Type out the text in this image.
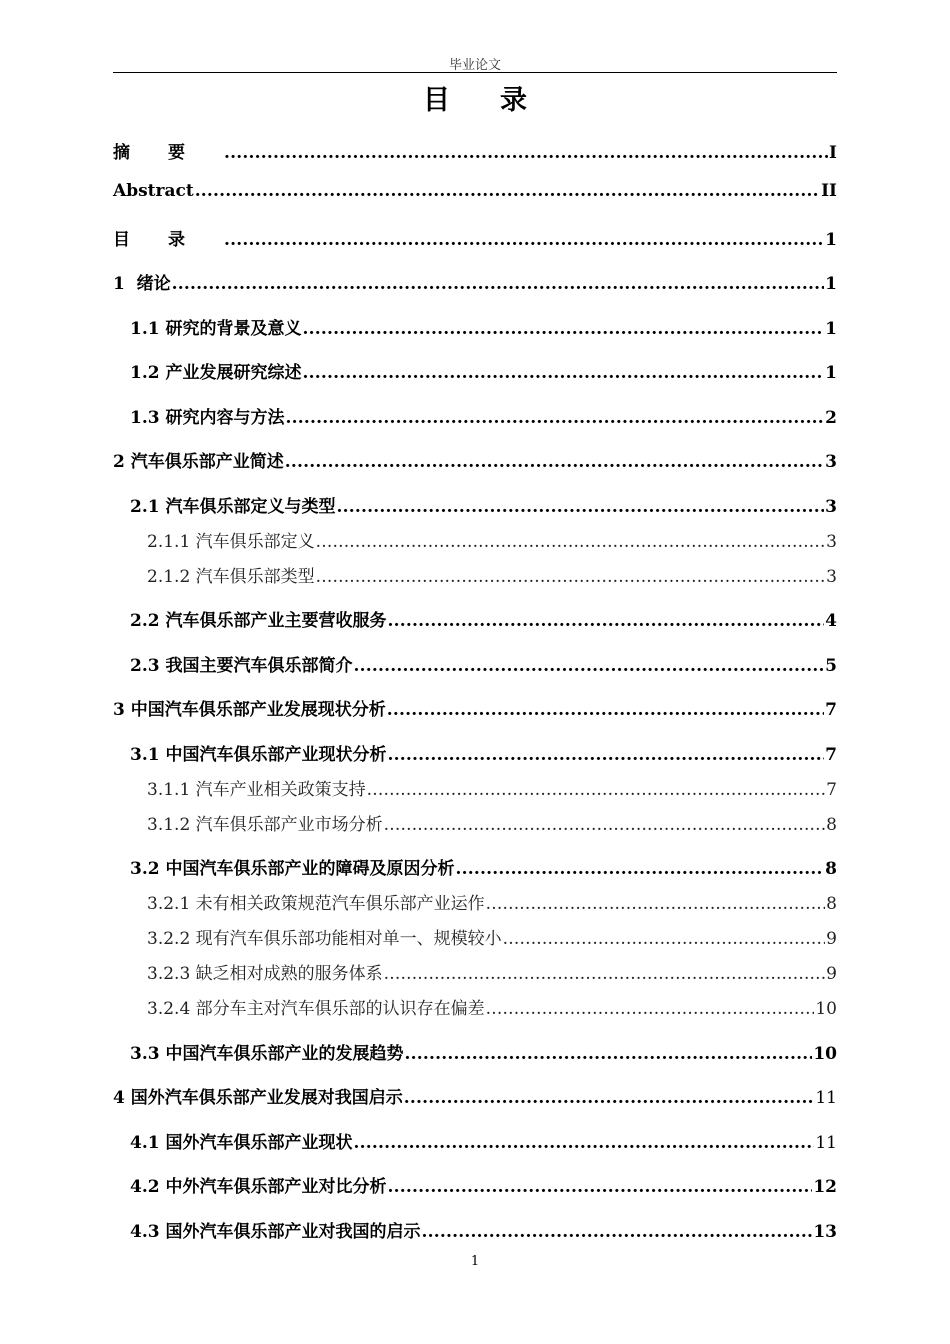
毕业论文
目录
摘要 .....	I
Abstract .....	II
目录 .....	1
1  绪论 .....	1
1.1 研究的背景及意义 .....	1
1.2 产业发展研究综述 .....	1
1.3 研究内容与方法 .....	2
2 汽车俱乐部产业简述 .....	3
2.1 汽车俱乐部定义与类型 .....	3
2.1.1 汽车俱乐部定义 .....	3
2.1.2 汽车俱乐部类型 .....	3
2.2 汽车俱乐部产业主要营收服务 .....	4
2.3 我国主要汽车俱乐部简介 .....	5
3 中国汽车俱乐部产业发展现状分析 .....	7
3.1 中国汽车俱乐部产业现状分析 .....	7
3.1.1 汽车产业相关政策支持 .....	7
3.1.2 汽车俱乐部产业市场分析 .....	8
3.2 中国汽车俱乐部产业的障碍及原因分析 .....	8
3.2.1 未有相关政策规范汽车俱乐部产业运作 .....	8
3.2.2 现有汽车俱乐部功能相对单一、规模较小 .....	9
3.2.3 缺乏相对成熟的服务体系 .....	9
3.2.4 部分车主对汽车俱乐部的认识存在偏差 .....	10
3.3 中国汽车俱乐部产业的发展趋势 .....	10
4 国外汽车俱乐部产业发展对我国启示 .....	11
4.1 国外汽车俱乐部产业现状 .....	11
4.2 中外汽车俱乐部产业对比分析 .....	12
4.3 国外汽车俱乐部产业对我国的启示 .....	13
1
